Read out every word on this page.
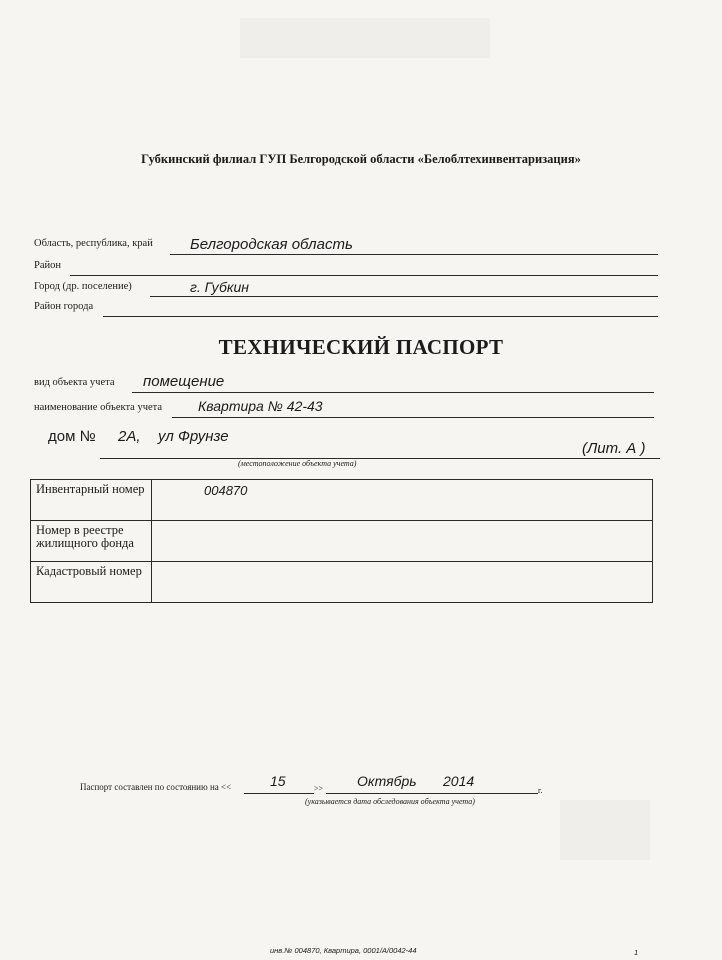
Губкинский филиал ГУП Белгородской области «Белоблтехинвентаризация»
Область, республика, край Белгородская область
Район
Город (др. поселение)	г. Губкин
Район города
ТЕХНИЧЕСКИЙ ПАСПОРТ
вид объекта учета помещение
наименование объекта учета	Квартира № 42-43
дом № 2А, ул Фрунзе
(Лит. А )
(местоположение объекта учета)
Инвентарный номер	004870
Номер в реестре жилищного фонда	
Кадастровый номер	
Паспорт составлен по состоянию на <<	15	>> Октябрь 2014
г.
(указывается дата обследования объекта учета)
инв.№ 004870, Квартира, 0001/А/0042-44	1
